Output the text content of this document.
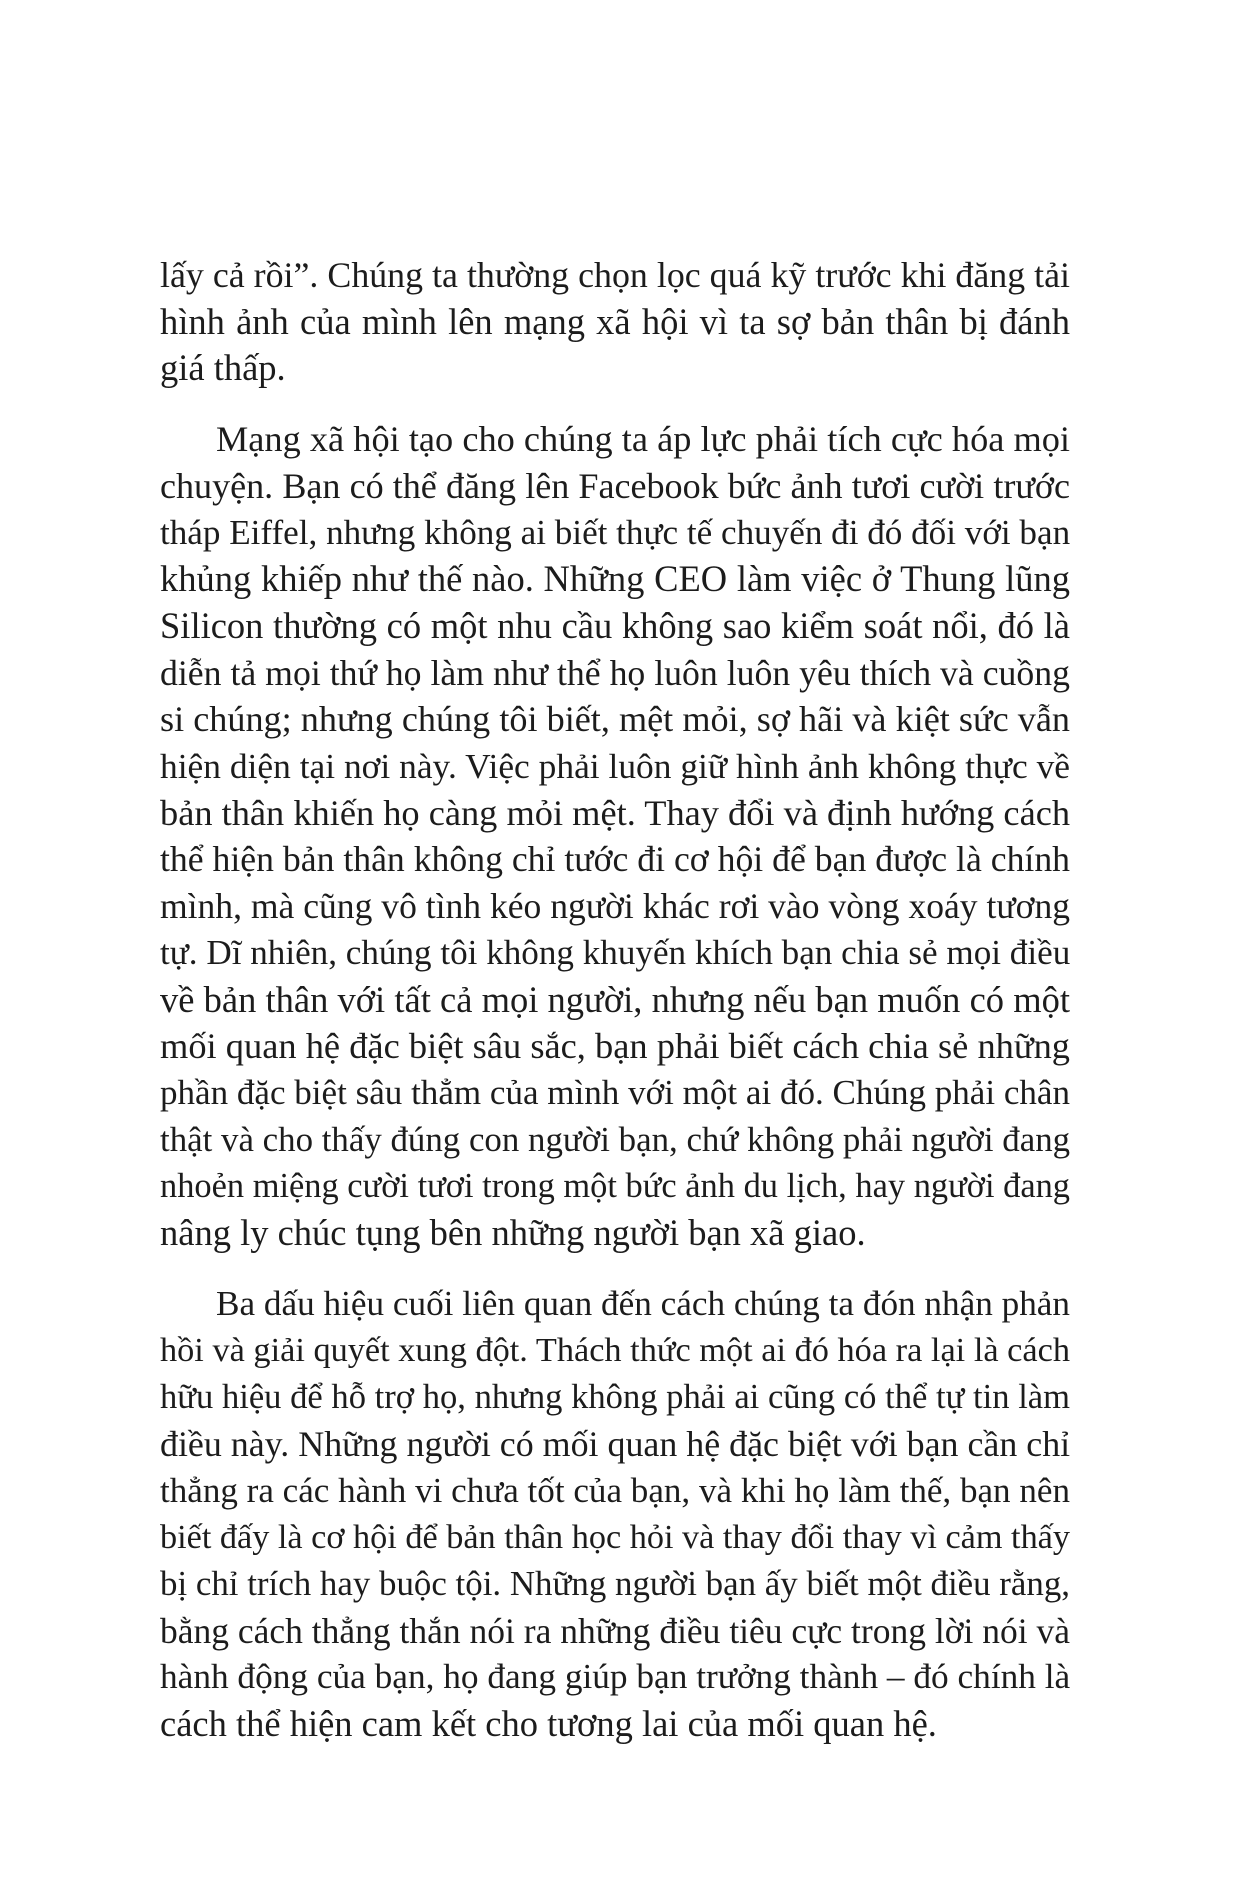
lấy cả rồi”. Chúng ta thường chọn lọc quá kỹ trước khi đăng tải
hình ảnh của mình lên mạng xã hội vì ta sợ bản thân bị đánh
giá thấp.
Mạng xã hội tạo cho chúng ta áp lực phải tích cực hóa mọi
chuyện. Bạn có thể đăng lên Facebook bức ảnh tươi cười trước
tháp Eiffel, nhưng không ai biết thực tế chuyến đi đó đối với bạn
khủng khiếp như thế nào. Những CEO làm việc ở Thung lũng
Silicon thường có một nhu cầu không sao kiểm soát nổi, đó là
diễn tả mọi thứ họ làm như thể họ luôn luôn yêu thích và cuồng
si chúng; nhưng chúng tôi biết, mệt mỏi, sợ hãi và kiệt sức vẫn
hiện diện tại nơi này. Việc phải luôn giữ hình ảnh không thực về
bản thân khiến họ càng mỏi mệt. Thay đổi và định hướng cách
thể hiện bản thân không chỉ tước đi cơ hội để bạn được là chính
mình, mà cũng vô tình kéo người khác rơi vào vòng xoáy tương
tự. Dĩ nhiên, chúng tôi không khuyến khích bạn chia sẻ mọi điều
về bản thân với tất cả mọi người, nhưng nếu bạn muốn có một
mối quan hệ đặc biệt sâu sắc, bạn phải biết cách chia sẻ những
phần đặc biệt sâu thẳm của mình với một ai đó. Chúng phải chân
thật và cho thấy đúng con người bạn, chứ không phải người đang
nhoẻn miệng cười tươi trong một bức ảnh du lịch, hay người đang
nâng ly chúc tụng bên những người bạn xã giao.
Ba dấu hiệu cuối liên quan đến cách chúng ta đón nhận phản
hồi và giải quyết xung đột. Thách thức một ai đó hóa ra lại là cách
hữu hiệu để hỗ trợ họ, nhưng không phải ai cũng có thể tự tin làm
điều này. Những người có mối quan hệ đặc biệt với bạn cần chỉ
thẳng ra các hành vi chưa tốt của bạn, và khi họ làm thế, bạn nên
biết đấy là cơ hội để bản thân học hỏi và thay đổi thay vì cảm thấy
bị chỉ trích hay buộc tội. Những người bạn ấy biết một điều rằng,
bằng cách thẳng thắn nói ra những điều tiêu cực trong lời nói và
hành động của bạn, họ đang giúp bạn trưởng thành – đó chính là
cách thể hiện cam kết cho tương lai của mối quan hệ.
